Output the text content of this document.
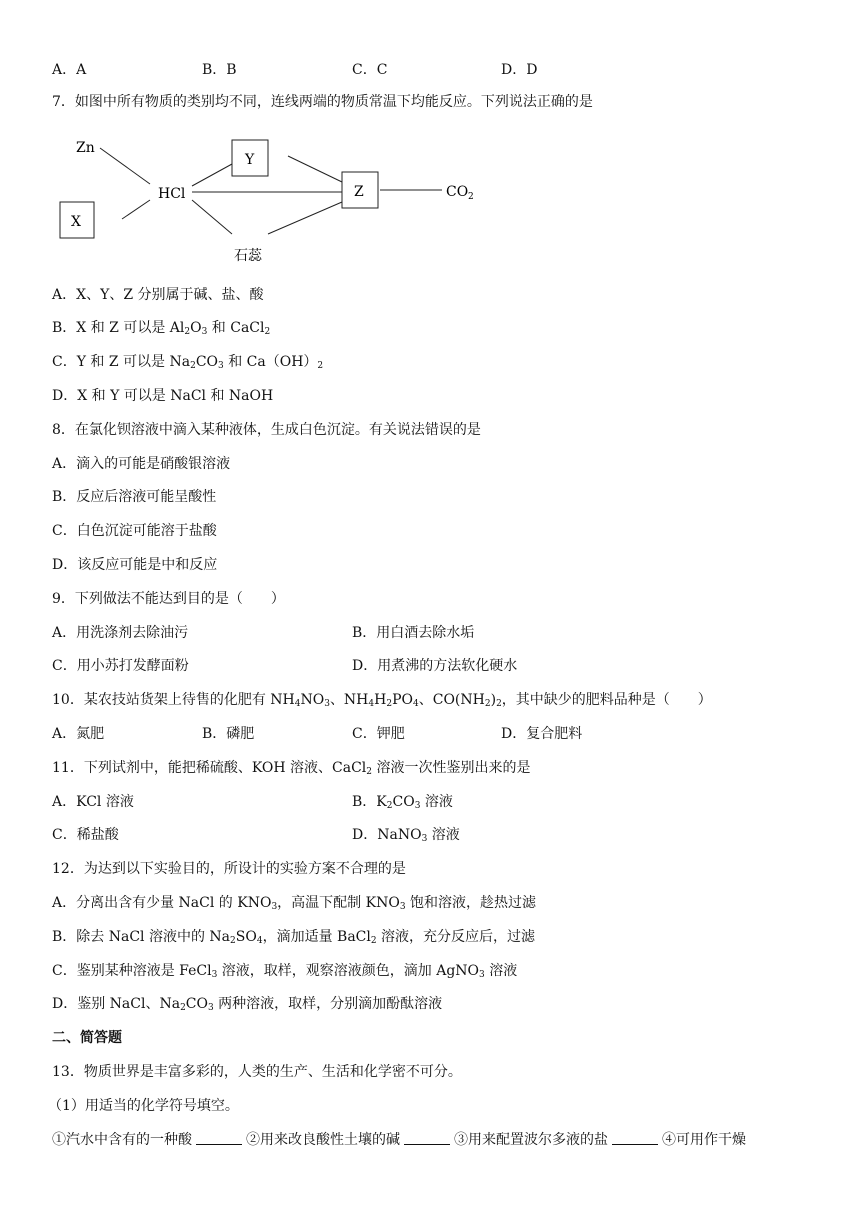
A．A	B．B	C．C	D．D
7．如图中所有物质的类别均不同，连线两端的物质常温下均能反应。下列说法正确的是
Zn
X
HCl
Y
Z	CO 2
石蕊
A．X、Y、Z 分别属于碱、盐、酸
B．X 和 Z 可以是 $Al_2O_3$ 和 CaCl$_2$
C．Y 和 Z 可以是 $Na_2CO_3$ 和 $Ca(OH)_2$
D．X 和 Y 可以是 NaCl 和 NaOH
8．在氯化钡溶液中滴入某种液体，生成白色沉淀。有关说法错误的是
A．滴入的可能是硝酸银溶液
B．反应后溶液可能呈酸性
C．白色沉淀可能溶于盐酸
D．该反应可能是中和反应
9．下列做法不能达到目的是（　　）
A．用洗涤剂去除油污	B．用白酒去除水垢
C．用小苏打发酵面粉	D．用煮沸的方法软化硬水
10．某农技站货架上待售的化肥有 $NH_4NO_3$、$NH_4H_2PO_4$、$CO(NH_2)_2$，其中缺少的肥料品种是（　　）
A．氮肥	B．磷肥	C．钾肥	D．复合肥料
11．下列试剂中，能把稀硫酸、KOH 溶液、CaCl$_2$ 溶液一次性鉴别出来的是
A．KCl 溶液	B．$K_2CO_3$ 溶液
C．稀盐酸	D．NaNO$_3$ 溶液
12．为达到以下实验目的，所设计的实验方案不合理的是
A．分离出含有少量 NaCl 的 $KNO_3$，高温下配制 $KNO_3$ 饱和溶液，趁热过滤
B．除去 NaCl 溶液中的 $Na_2SO_4$，滴加适量 BaCl$_2$ 溶液，充分反应后，过滤
C．鉴别某种溶液是 FeCl$_3$ 溶液，取样，观察溶液颜色，滴加 AgNO$_3$ 溶液
D．鉴别 NaCl、$Na_2CO_3$ 两种溶液，取样，分别滴加酚酞溶液
二、简答题
13．物质世界是丰富多彩的，人类的生产、生活和化学密不可分。
（1）用适当的化学符号填空。
①汽水中含有的一种酸	②用来改良酸性土壤的碱	③用来配置波尔多液的盐	④可用作干燥
